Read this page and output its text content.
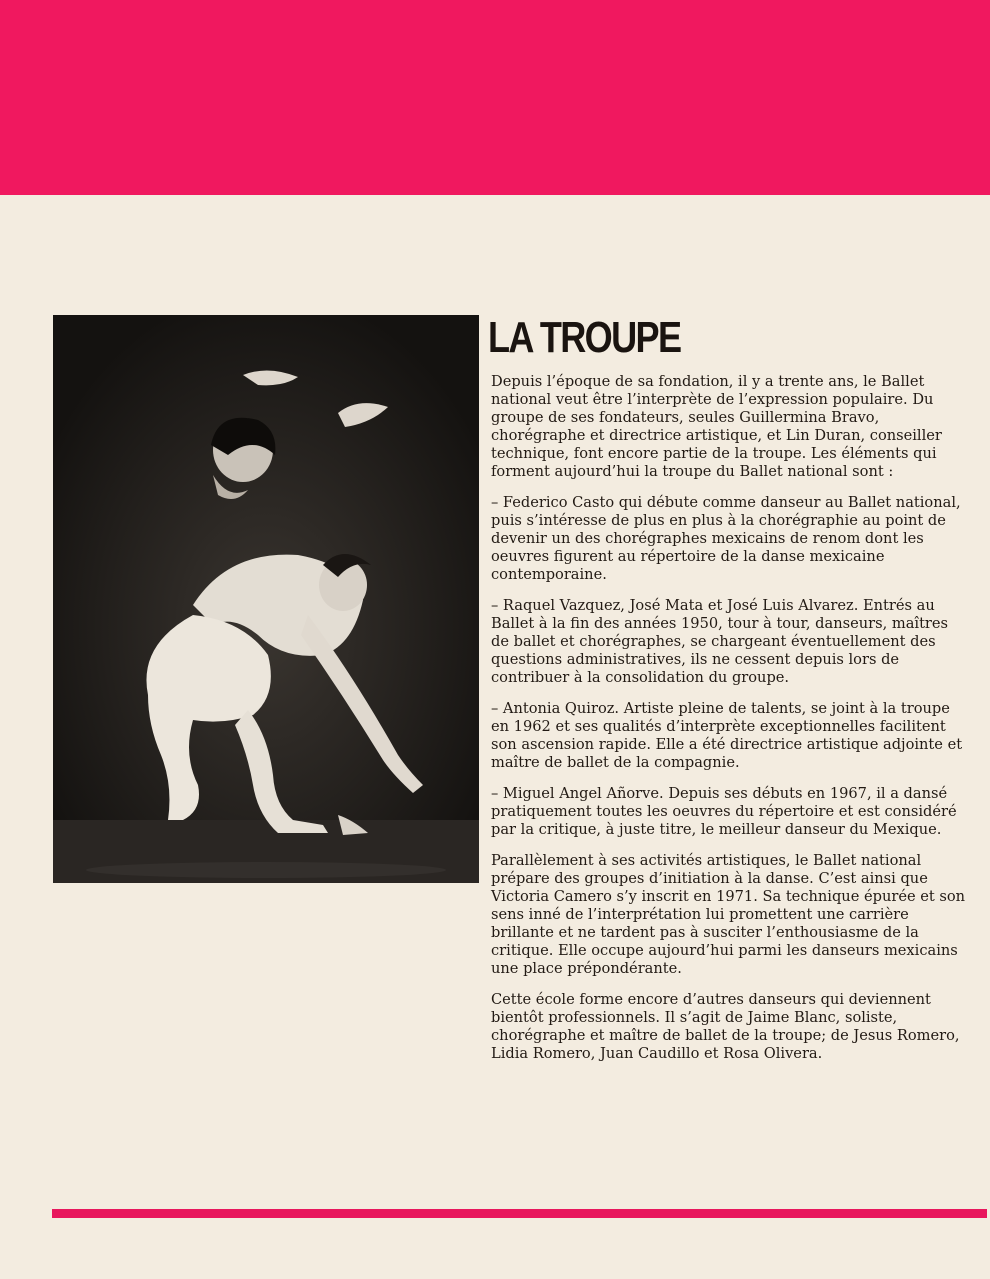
LA TROUPE

Depuis l’époque de sa fondation, il y a trente ans, le Ballet national veut être l’interprète de l’expression populaire. Du groupe de ses fondateurs, seules Guillermina Bravo, chorégraphe et directrice artistique, et Lin Duran, conseiller technique, font encore partie de la troupe. Les éléments qui forment aujourd’hui la troupe du Ballet national sont :

– Federico Casto qui débute comme danseur au Ballet national, puis s’intéresse de plus en plus à la chorégraphie au point de devenir un des chorégraphes mexicains de renom dont les oeuvres figurent au répertoire de la danse mexicaine contemporaine.

– Raquel Vazquez, José Mata et José Luis Alvarez. Entrés au Ballet à la fin des années 1950, tour à tour, danseurs, maîtres de ballet et chorégraphes, se chargeant éventuellement des questions administratives, ils ne cessent depuis lors de contribuer à la consolidation du groupe.

– Antonia Quiroz. Artiste pleine de talents, se joint à la troupe en 1962 et ses qualités d’interprète exceptionnelles facilitent son ascension rapide. Elle a été directrice artistique adjointe et maître de ballet de la compagnie.

– Miguel Angel Añorve. Depuis ses débuts en 1967, il a dansé pratiquement toutes les oeuvres du répertoire et est considéré par la critique, à juste titre, le meilleur danseur du Mexique.

Parallèlement à ses activités artistiques, le Ballet national prépare des groupes d’initiation à la danse. C’est ainsi que Victoria Camero s’y inscrit en 1971. Sa technique épurée et son sens inné de l’interprétation lui promettent une carrière brillante et ne tardent pas à susciter l’enthousiasme de la critique. Elle occupe aujourd’hui parmi les danseurs mexicains une place prépondérante.

Cette école forme encore d’autres danseurs qui deviennent bientôt professionnels. Il s’agit de Jaime Blanc, soliste, chorégraphe et maître de ballet de la troupe; de Jesus Romero, Lidia Romero, Juan Caudillo et Rosa Olivera.
